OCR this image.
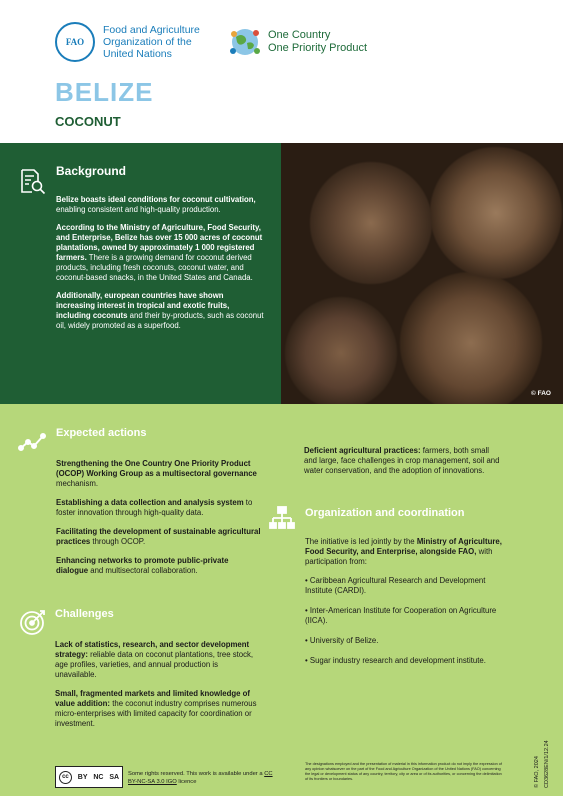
FAO
Food and Agriculture
Organization of the
United Nations
One Country
One Priority Product
BELIZE
COCONUT
Background

Belize boasts ideal conditions for coconut cultivation, enabling consistent and high-quality production.

According to the Ministry of Agriculture, Food Security, and Enterprise, Belize has over 15 000 acres of coconut plantations, owned by approximately 1 000 registered farmers. There is a growing demand for coconut derived products, including fresh coconuts, coconut water, and coconut-based snacks, in the United States and Canada.

Additionally, european countries have shown increasing interest in tropical and exotic fruits, including coconuts and their by-products, such as coconut oil, widely promoted as a superfood.

© FAO
Expected actions

Strengthening the One Country One Priority Product (OCOP) Working Group as a multisectoral governance mechanism.

Establishing a data collection and analysis system to foster innovation through high-quality data.

Facilitating the development of sustainable agricultural practices through OCOP.

Enhancing networks to promote public-private dialogue and multisectoral collaboration.

Challenges

Lack of statistics, research, and sector development strategy: reliable data on coconut plantations, tree stock, age profiles, varieties, and annual production is unavailable.

Small, fragmented markets and limited knowledge of value addition: the coconut industry comprises numerous micro-enterprises with limited capacity for coordination or investment.

Deficient agricultural practices: farmers, both small and large, face challenges in crop management, soil and water conservation, and the adoption of innovations.

Organization and coordination

The initiative is led jointly by the Ministry of Agriculture, Food Security, and Enterprise, alongside FAO, with participation from:

• Caribbean Agricultural Research and Development Institute (CARDI).

• Inter-American Institute for Cooperation on Agriculture (IICA).

• University of Belize.

• Sugar industry research and development institute.

cc	BY NC SA Some rights reserved. This work is available under a CC BY-NC-SA 3.0 IGO licence
The designations employed and the presentation of material in this information product do not imply the expression of any opinion whatsoever on the part of the Food and Agriculture Organization of the United Nations (FAO) concerning the legal or development status of any country, territory, city or area or of its authorities, or concerning the delimitation of its frontiers or boundaries.	© FAO, 2024 CD3628EN/1/12.24
